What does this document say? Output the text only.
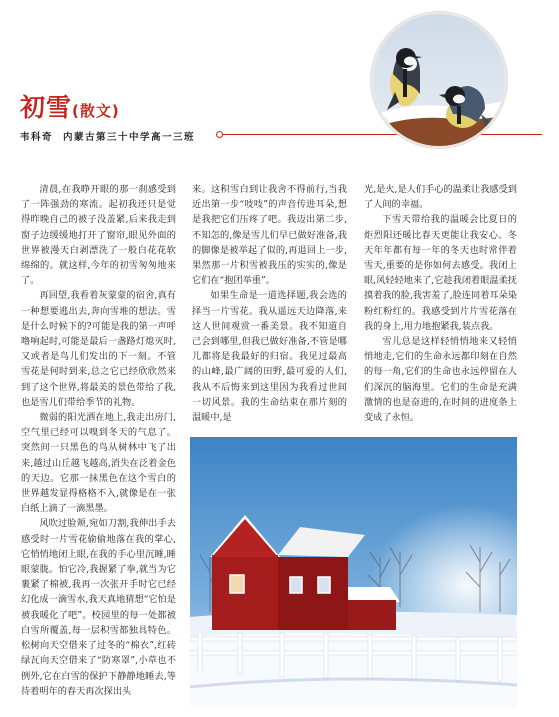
初雪(散文)
韦科奇 内蒙古第三十中学高一三班

清晨,在我睁开眼的那一刹感受到了一阵强劲的寒流。起初我还只是觉得昨晚自己的被子没盖紧,后来我走到窗子边缓缓地打开了窗帘,眼见外面的世界被漫天白剥漂洗了一般白花花软绵绵的。就这样,今年的初雪匆匆地来了。

再回望,我看着灰蒙蒙的宿舍,真有一种想要逃出去,奔向雪堆的想法。雪是什么时候下的?可能是我的第一声呼噜响起时,可能是最后一盏路灯熄灭时,又或者是鸟儿们发出的下一刻。不管雪花是何时到来,总之它已经欣欣然来到了这个世界,将最美的景色带给了我,也是雪儿们带给季节的礼物。

微弱的阳光洒在地上,我走出房门,空气里已经可以嗅到冬天的气息了。突然间一只黑色的鸟从树林中飞了出来,越过山丘越飞越高,消失在泛着金色的天边。它那一抹黑色在这个雪白的世界越发显得格格不入,就像是在一张白纸上滴了一滴黑墨。

风吹过脸颊,宛如刀割,我伸出手去感受时一片雪花偷偷地落在我的掌心,它悄悄地闭上眼,在我的手心里沉睡,睡眼蒙胧。怕它冷,我握紧了拳,就当为它裹紧了棉被,我再一次张开手时它已经幻化成一滴雪水,我天真地猜想“它怕是被我暖化了吧”。校园里的每一处都被白雪所覆盖,每一层积雪都独具特色。松树向天空借来了过冬的“棉衣”,红砖绿瓦向天空借来了“防寒罩”,小草也不例外,它在白雪的保护下静静地睡去,等待着明年的春天再次探出头

来。这积雪白到让我舍不得前行,当我近出第一步“吱吱”的声音传进耳朵,想是我把它们压疼了吧。我迈出第二步,不知怎的,像是雪儿们早已做好准备,我的脚像是被举起了似的,再退回上一步,果然那一片积雪被我压的实实的,像是它们在“抱团举重”。

如果生命是一道选择题,我会选的择当一片雪花。我从遥远天边降落,来这人世间观赏一番美景。我不知道自己会到哪里,但我已做好准备,不管是哪儿都将是我最好的归宿。我见过最高的山峰,最广阔的田野,最可爱的人们,我从不后悔来到这里因为我看过世间一切风景。我的生命结束在那片刻的温暖中,是

光,是火,是人们手心的温柔让我感受到了人间的幸福。

下雪天带给我的温暖会比夏日的炬烈阳还暖比春天更能让我安心。冬天年年都有每一年的冬天也时常伴着雪天,重要的是你如何去感受。我闭上眼,风轻轻地来了,它趁我闭着眼温柔抚摸着我的脸,我害羞了,脸连同着耳朵染粉红粉红的。我感受到片片雪花落在我的身上,用力地抱紧我,装点我。

雪儿总是这样轻悄悄地来又轻悄悄地走,它们的生命永远都印刻在自然的每一角,它们的生命也永远停留在人们深沉的脑海里。它们的生命是充满激情的也是奋进的,在时间的进度条上变成了永恒。
